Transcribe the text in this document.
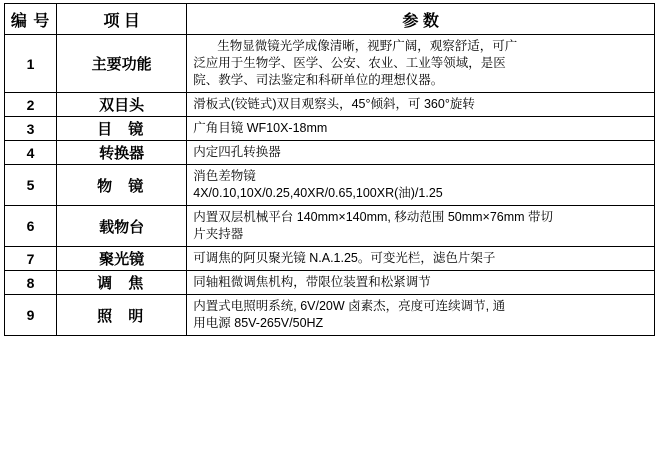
编 号	项 目	参 数
1	主要功能	生物显微镜光学成像清晰，视野广阔，观察舒适，可广

泛应用于生物学、医学、公安、农业、工业等领域，是医

院、教学、司法鉴定和科研单位的理想仪器。

2	双目头	滑板式(铰链式)双目观察头，45°倾斜，可 360°旋转

3	目 镜	广角目镜 WF10X-18mm

4	转换器	内定四孔转换器

5	物 镜	消色差物镜

4X/0.10,10X/0.25,40XR/0.65,100XR(油)/1.25

6	载物台	内置双层机械平台 140mm×140mm, 移动范围 50mm×76mm 带切

片夹持器

7	聚光镜	可调焦的阿贝聚光镜 N.A.1.25。可变光栏，滤色片架子

8	调 焦	同轴粗微调焦机构，带限位装置和松紧调节

9	照 明	内置式电照明系统, 6V/20W 卤素杰，亮度可连续调节, 通

用电源 85V-265V/50HZ
